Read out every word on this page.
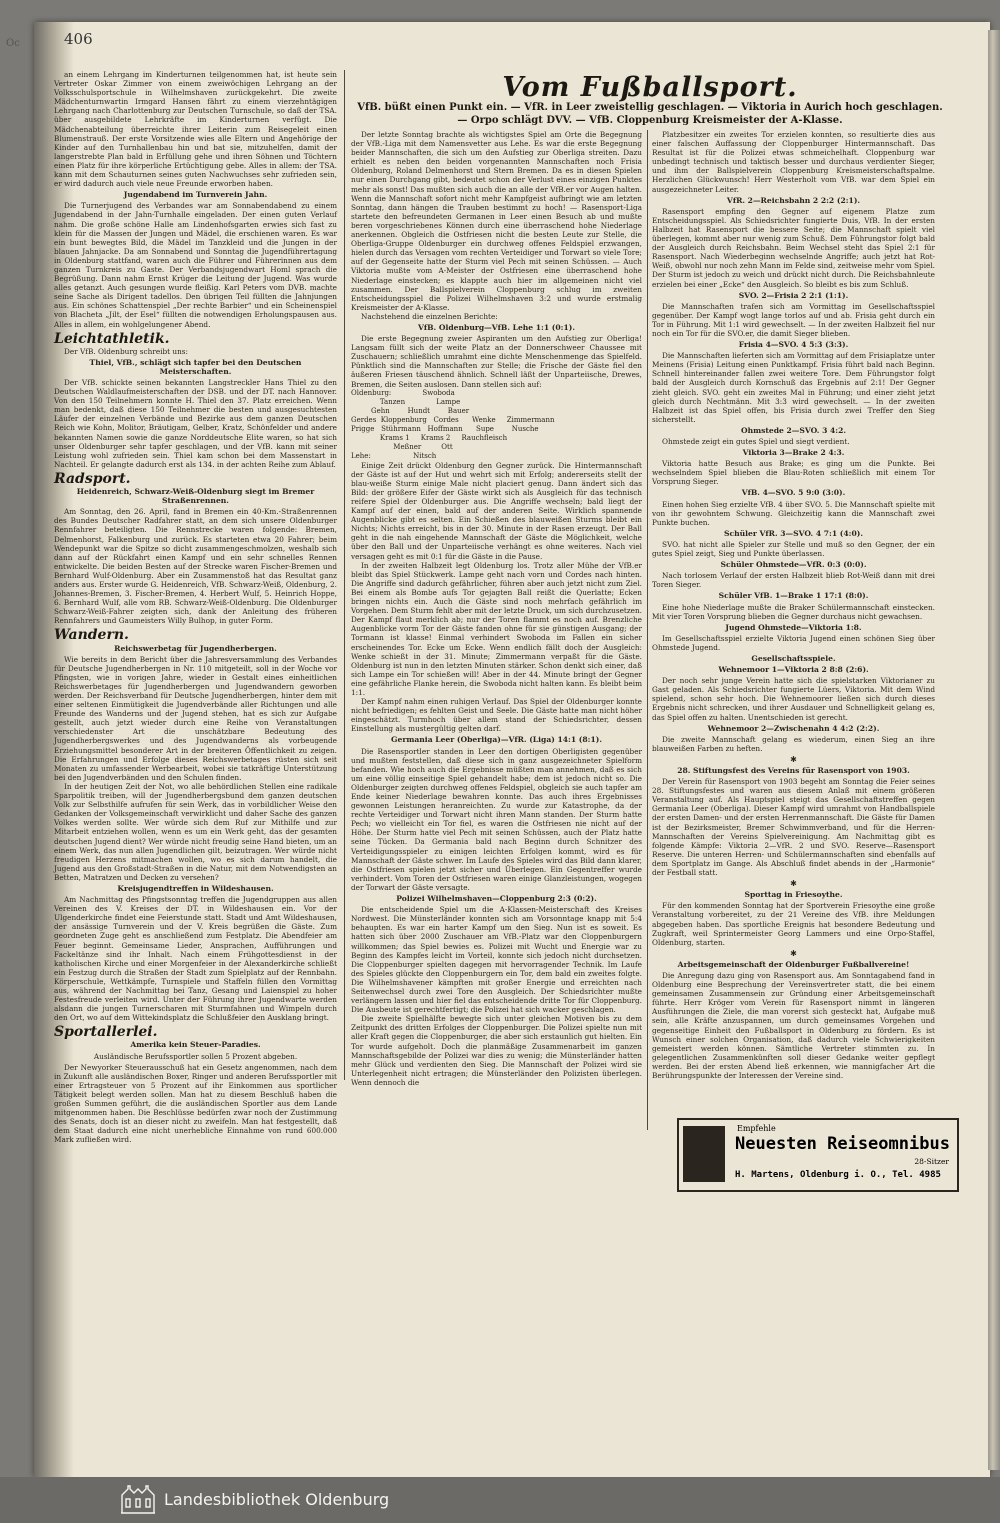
Oc	406
Vom Fußballsport.
VfB. büßt einen Punkt ein. — VfR. in Leer zweistellig geschlagen. — Viktoria in Aurich hoch geschlagen. — Orpo schlägt DVV. — VfB. Cloppenburg Kreismeister der A-Klasse.
an einem Lehrgang im Kinderturnen teilgenommen hat, ist heute sein Vertreter Oskar Zimmer von einem zweiwöchigen Lehrgang an der Volksschulsportschule in Wilhelmshaven zurückgekehrt. Die zweite Mädchenturnwartin Irmgard Hansen fährt zu einem vierzehntägigen Lehrgang nach Charlottenburg zur Deutschen Turnschule, so daß der TSA. über ausgebildete Lehrkräfte im Kinderturnen verfügt. Die Mädchenabteilung überreichte ihrer Leiterin zum Reisegeleit einen Blumenstrauß. Der erste Vorsitzende wies alle Eltern und Angehörige der Kinder auf den Turnhallenbau hin und bat sie, mitzuhelfen, damit der langerstrebte Plan bald in Erfüllung gehe und ihren Söhnen und Töchtern einen Platz für ihre körperliche Ertüchtigung gebe. Alles in allem: der TSA. kann mit dem Schauturnen seines guten Nachwuchses sehr zufrieden sein, er wird dadurch auch viele neue Freunde erworben haben.
Jugendabend im Turnverein Jahn.
Die Turnerjugend des Verbandes war am Sonnabendabend zu einem Jugendabend in der Jahn-Turnhalle eingeladen. Der einen guten Verlauf nahm. Die große schöne Halle am Lindenhofsgarten erwies sich fast zu klein für die Massen der Jungen und Mädel, die erschienen waren. Es war ein bunt bewegtes Bild, die Mädel im Tanzkleid und die Jungen in der blauen Jahnjacke. Da am Sonnabend und Sonntag die Jugendführertagung in Oldenburg stattfand, waren auch die Führer und Führerinnen aus dem ganzen Turnkreis zu Gaste. Der Verbandsjugendwart Homl sprach die Begrüßung. Dann nahm Ernst Krüger die Leitung der Jugend. Was wurde alles getanzt. Auch gesungen wurde fleißig. Karl Peters vom DVB. machte seine Sache als Dirigent tadellos. Den übrigen Teil füllten die Jahnjungen aus. Ein schönes Schattenspiel „Der rechte Barbier“ und ein Scheinenspiel von Blacheta „Jilt, der Esel“ füllten die notwendigen Erholungspausen aus. Alles in allem, ein wohlgelungener Abend.
Leichtathletik.
Der VfB. Oldenburg schreibt uns:
Thiel, VfB., schlägt sich tapfer bei den Deutschen Meisterschaften.
Der VfB. schickte seinen bekannten Langstreckler Hans Thiel zu den Deutschen Waldlaufmeisterschaften der DSB. und der DT. nach Hannover. Von den 150 Teilnehmern konnte H. Thiel den 37. Platz erreichen. Wenn man bedenkt, daß diese 150 Teilnehmer die besten und ausgesuchtesten Läufer der einzelnen Verbände und Bezirke aus dem ganzen Deutschen Reich wie Kohn, Molitor, Bräutigam, Gelber, Kratz, Schönfelder und andere bekannten Namen sowie die ganze Norddeutsche Elite waren, so hat sich unser Oldenburger sehr tapfer geschlagen, und der VfB. kann mit seiner Leistung wohl zufrieden sein. Thiel kam schon bei dem Massenstart in Nachteil. Er gelangte dadurch erst als 134. in der achten Reihe zum Ablauf.
Radsport.
Heidenreich, Schwarz-Weiß-Oldenburg siegt im Bremer Straßenrennen.
Am Sonntag, den 26. April, fand in Bremen ein 40-Km.-Straßenrennen des Bundes Deutscher Radfahrer statt, an dem sich unsere Oldenburger Rennfahrer beteiligten. Die Rennstrecke waren folgende: Bremen, Delmenhorst, Falkenburg und zurück. Es starteten etwa 20 Fahrer; beim Wendepunkt war die Spitze so dicht zusammengeschmolzen, weshalb sich dann auf der Rückfahrt einen Kampf und ein sehr schnelles Rennen entwickelte. Die beiden Besten auf der Strecke waren Fischer-Bremen und Bernhard Wulf-Oldenburg. Aber ein Zusammenstoß hat das Resultat ganz anders aus. Erster wurde G. Heidenreich, VfB. Schwarz-Weiß, Oldenburg, 2. Johannes-Bremen, 3. Fischer-Bremen, 4. Herbert Wulf, 5. Heinrich Hoppe, 6. Bernhard Wulf, alle vom RB. Schwarz-Weiß-Oldenburg. Die Oldenburger Schwarz-Weiß-Fahrer zeigten sich, dank der Anleitung des früheren Rennfahrers und Gaumeisters Willy Bulhop, in guter Form.
Wandern.
Reichswerbetag für Jugendherbergen.
Wie bereits in dem Bericht über die Jahresversammlung des Verbandes für Deutsche Jugendherbergen in Nr. 110 mitgeteilt, soll in der Woche vor Pfingsten, wie in vorigen Jahre, wieder in Gestalt eines einheitlichen Reichswerbetages für Jugendherbergen und Jugendwandern geworben werden. Der Reichsverband für Deutsche Jugendherbergen, hinter dem mit einer seltenen Einmütigkeit die Jugendverbände aller Richtungen und alle Freunde des Wanderns und der Jugend stehen, hat es sich zur Aufgabe gestellt, auch jetzt wieder durch eine Reihe von Veranstaltungen verschiedenster Art die unschätzbare Bedeutung des Jugendherbergswerkes und des Jugendwanderns als vorbeugende Erziehungsmittel besonderer Art in der breiteren Öffentlichkeit zu zeigen. Die Erfahrungen und Erfolge dieses Reichswerbetages rüsten sich seit Monaten zu umfassender Werbearbeit, wobei sie tatkräftige Unterstützung bei den Jugendverbänden und den Schulen finden.
In der heutigen Zeit der Not, wo alle behördlichen Stellen eine radikale Sparpolitik treiben, will der Jugendherbergsbund dem ganzen deutschen Volk zur Selbsthilfe aufrufen für sein Werk, das in vorbildlicher Weise den Gedanken der Volksgemeinschaft verwirklicht und daher Sache des ganzen Volkes werden sollte. Wer würde sich dem Ruf zur Mithilfe und zur Mitarbeit entziehen wollen, wenn es um ein Werk geht, das der gesamten deutschen Jugend dient? Wer würde nicht freudig seine Hand bieten, um an einem Werk, das nun allen Jugendlichen gilt, beizutragen. Wer würde nicht freudigen Herzens mitmachen wollen, wo es sich darum handelt, die Jugend aus den Großstadt-Straßen in die Natur, mit dem Notwendigsten an Betten, Matratzen und Decken zu versehen?
Kreisjugendtreffen in Wildeshausen.
Am Nachmittag des Pfingstsonntag treffen die Jugendgruppen aus allen Vereinen des V. Kreises der DT. in Wildeshausen ein. Vor der Ulgenderkirche findet eine Feierstunde statt. Stadt und Amt Wildeshausen, der ansässige Turnverein und der V. Kreis begrüßen die Gäste. Zum geordneten Zuge geht es anschließend zum Festplatz. Die Abendfeier am Feuer beginnt. Gemeinsame Lieder, Ansprachen, Aufführungen und Fackeltänze sind ihr Inhalt. Nach einem Frühgottesdienst in der katholischen Kirche und einer Morgenfeier in der Alexanderkirche schließt ein Festzug durch die Straßen der Stadt zum Spielplatz auf der Rennbahn. Körperschule, Wettkämpfe, Turnspiele und Staffeln füllen den Vormittag aus, während der Nachmittag bei Tanz, Gesang und Laienspiel zu hoher Festesfreude verleiten wird. Unter der Führung ihrer Jugendwarte werden alsdann die jungen Turnerscharen mit Sturmfahnen und Wimpeln durch den Ort, wo auf dem Wittekindsplatz die Schlußfeier den Ausklang bringt.
Sportallerlei.
Amerika kein Steuer-Paradies.
Ausländische Berufssportler sollen 5 Prozent abgeben.
Der Newyorker Steuerausschuß hat ein Gesetz angenommen, nach dem in Zukunft alle ausländischen Boxer, Ringer und anderen Berufssportler mit einer Ertragsteuer von 5 Prozent auf ihr Einkommen aus sportlicher Tätigkeit belegt werden sollen. Man hat zu diesem Beschluß haben die großen Summen geführt, die die ausländischen Sportler aus dem Lande mitgenommen haben. Die Beschlüsse bedürfen zwar noch der Zustimmung des Senats, doch ist an dieser nicht zu zweifeln. Man hat festgestellt, daß dem Staat dadurch eine nicht unerhebliche Einnahme von rund 600.000 Mark zufließen wird.
Der letzte Sonntag brachte als wichtigstes Spiel am Orte die Begegnung der VfB.-Liga mit dem Namensvetter aus Lehe. Es war die erste Begegnung beider Mannschaften, die sich um den Aufstieg zur Oberliga streiten. Dazu erhielt es neben den beiden vorgenannten Mannschaften noch Frisia Oldenburg, Roland Delmenhorst und Stern Bremen. Da es in diesen Spielen nur einen Durchgang gibt, bedeutet schon der Verlust eines einzigen Punktes mehr als sonst! Das mußten sich auch die an alle der VfB.er vor Augen halten. Wenn die Mannschaft sofort nicht mehr Kampfgeist aufbringt wie am letzten Sonntag, dann hängen die Trauben bestimmt zu hoch! — Rasensport-Liga startete den befreundeten Germanen in Leer einen Besuch ab und mußte beren vorgeschriebenes Können durch eine überraschend hohe Niederlage anerkennen. Obgleich die Ostfriesen nicht die besten Leute zur Stelle, die Oberliga-Gruppe Oldenburger ein durchweg offenes Feldspiel erzwangen, hielen durch das Versagen vom rechten Verteidiger und Torwart so viele Tore; auf der Gegenseite hatte der Sturm viel Pech mit seinen Schüssen. — Auch Viktoria mußte vom A-Meister der Ostfriesen eine überraschend hohe Niederlage einstecken; es klappte auch hier im allgemeinen nicht viel zusammen. Der Ballspielverein Cloppenburg schlug im zweiten Entscheidungsspiel die Polizei Wilhelmshaven 3:2 und wurde erstmalig Kreismeister der A-Klasse.
Nachstehend die einzelnen Berichte:
VfB. Oldenburg—VfB. Lehe 1:1 (0:1).
Die erste Begegnung zweier Aspiranten um den Aufstieg zur Oberliga! Langsam füllt sich der weite Platz an der Donnerschweer Chaussee mit Zuschauern; schließlich umrahmt eine dichte Menschenmenge das Spielfeld. Pünktlich sind die Mannschaften zur Stelle; die Frische der Gäste fiel den äußeren Friesen täuschend ähnlich. Schnell läßt der Unparteiische, Drewes, Bremen, die Seiten auslosen. Dann stellen sich auf:
Oldenburg:              Swoboda
Tanzen              Lampe
Gehn        Hundt        Bauer
Gerdes  Kloppenburg   Cordes      Wenke     Zimmermann
Prigge   Stührmann   Hoffmann      Supe        Nusche
Krams 1     Krams 2     Rauchfleisch
Meßner         Ott
Lehe:                   Nitsch
Einige Zeit drückt Oldenburg den Gegner zurück. Die Hintermannschaft der Gäste ist auf der Hut und wehrt sich mit Erfolg; andererseits stellt der blau-weiße Sturm einige Male nicht placiert genug. Dann ändert sich das Bild: der größere Eifer der Gäste wirkt sich als Ausgleich für das technisch reifere Spiel der Oldenburger aus. Die Angriffe wechseln; bald liegt der Kampf auf der einen, bald auf der anderen Seite. Wirklich spannende Augenblicke gibt es selten. Ein Schießen des blauweißen Sturms bleibt ein Nichts; Nichts erreicht, bis in der 30. Minute in der Rasen erzeugt. Der Ball geht in die nah eingehende Mannschaft der Gäste die Möglichkeit, welche über den Ball und der Unparteiische verhängt es ohne weiteres. Nach viel versagen geht es mit 0:1 für die Gäste in die Pause.
In der zweiten Halbzeit legt Oldenburg los. Trotz aller Mühe der VfB.er bleibt das Spiel Stückwerk. Lampe geht nach vorn und Cordes nach hinten. Die Angriffe sind dadurch gefährlicher, führen aber auch jetzt nicht zum Ziel. Bei einem als Bombe aufs Tor gejagten Ball reißt die Querlatte; Ecken bringen nichts ein. Auch die Gäste sind noch mehrfach gefährlich im Vorgehen. Dem Sturm fehlt aber mit der letzte Druck, um sich durchzusetzen. Der Kampf flaut merklich ab; nur der Toren flammt es noch auf. Brenzliche Augenblicke vorm Tor der Gäste fanden ohne für sie günstigen Ausgang; der Tormann ist klasse! Einmal verhindert Swoboda im Fallen ein sicher erscheinendes Tor. Ecke um Ecke. Wenn endlich fällt doch der Ausgleich: Wenke schießt in der 31. Minute; Zimmermann verpaßt für die Gäste. Oldenburg ist nun in den letzten Minuten stärker. Schon denkt sich einer, daß sich Lampe ein Tor schießen will! Aber in der 44. Minute bringt der Gegner eine gefährliche Flanke herein, die Swoboda nicht halten kann. Es bleibt beim 1:1.
Der Kampf nahm einen ruhigen Verlauf. Das Spiel der Oldenburger konnte nicht befriedigen; es fehlten Geist und Seele. Die Gäste hatte man nicht höher eingeschätzt. Turmhoch über allem stand der Schiedsrichter, dessen Einstellung als mustergültig gelten darf.
Germania Leer (Oberliga)—VfR. (Liga) 14:1 (8:1).
Die Rasensportler standen in Leer den dortigen Oberligisten gegenüber und mußten feststellen, daß diese sich in ganz ausgezeichneter Spielform befanden. Wie hoch auch die Ergebnisse müßten man annehmen, daß es sich um eine völlig einseitige Spiel gehandelt habe; dem ist jedoch nicht so. Die Oldenburger zeigten durchweg offenes Feldspiel, obgleich sie auch tapfer am Ende keiner Niederlage bewahren konnte. Das auch ihres Ergebnisses gewonnen Leistungen heranreichten. Zu wurde zur Katastrophe, da der rechte Verteidiger und Torwart nicht ihren Mann standen. Der Sturm hatte Pech; wo vielleicht ein Tor fiel, es waren die Ostfriesen nie nicht auf der Höhe. Der Sturm hatte viel Pech mit seinen Schüssen, auch der Platz hatte seine Tücken. Da Germania bald nach Beginn durch Schnitzer des Verteidigungsspieler zu einigen leichten Erfolgen kommt, wird es für Mannschaft der Gäste schwer. Im Laufe des Spieles wird das Bild dann klarer, die Ostfriesen spielen jetzt sicher und Überlegen. Ein Gegentreffer wurde verhindert. Vom Toren der Ostfriesen waren einige Glanzleistungen, wogegen der Torwart der Gäste versagte.
Polizei Wilhelmshaven—Cloppenburg 2:3 (0:2).
Die entscheidende Spiel um die A-Klassen-Meisterschaft des Kreises Nordwest. Die Münsterländer konnten sich am Vorsonntage knapp mit 5:4 behaupten. Es war ein harter Kampf um den Sieg. Nun ist es soweit. Es hatten sich über 2000 Zuschauer am VfB.-Platz war den Cloppenburgern willkommen; das Spiel bewies es. Polizei mit Wucht und Energie war zu Beginn des Kampfes leicht im Vorteil, konnte sich jedoch nicht durchsetzen. Die Cloppenburger spielten dagegen mit hervorragender Technik. Im Laufe des Spieles glückte den Cloppenburgern ein Tor, dem bald ein zweites folgte. Die Wilhelmshavener kämpften mit großer Energie und erreichten nach Seitenwechsel durch zwei Tore den Ausgleich. Der Schiedsrichter mußte verlängern lassen und hier fiel das entscheidende dritte Tor für Cloppenburg. Die Ausbeute ist gerechtfertigt; die Polizei hat sich wacker geschlagen.
Die zweite Spielhälfte bewegte sich unter gleichen Motiven bis zu dem Zeitpunkt des dritten Erfolges der Cloppenburger. Die Polizei spielte nun mit aller Kraft gegen die Cloppenburger, die aber sich erstaunlich gut hielten. Ein Tor wurde aufgeholt. Doch die planmäßige Zusammenarbeit im ganzen Mannschaftsgebilde der Polizei war dies zu wenig; die Münsterländer hatten mehr Glück und verdienten den Sieg. Die Mannschaft der Polizei wird sie Unterlegenheit nicht ertragen; die Münsterländer den Polizisten überlegen. Wenn dennoch die
Platzbesitzer ein zweites Tor erzielen konnten, so resultierte dies aus einer falschen Auffassung der Cloppenburger Hintermannschaft. Das Resultat ist für die Polizei etwas schmeichelhaft. Cloppenburg war unbedingt technisch und taktisch besser und durchaus verdienter Sieger, und ihm der Ballspielverein Cloppenburg Kreismeisterschaftspalme. Herzlichen Glückwunsch! Herr Westerholt vom VfB. war dem Spiel ein ausgezeichneter Leiter.
VfR. 2—Reichsbahn 2 2:2 (2:1).
Rasensport empfing den Gegner auf eigenem Platze zum Entscheidungsspiel. Als Schiedsrichter fungierte Duis, VfB. In der ersten Halbzeit hat Rasensport die bessere Seite; die Mannschaft spielt viel überlegen, kommt aber nur wenig zum Schuß. Dem Führungstor folgt bald der Ausgleich durch Reichsbahn. Beim Wechsel steht das Spiel 2:1 für Rasensport. Nach Wiederbeginn wechselnde Angriffe; auch jetzt hat Rot-Weiß, obwohl nur noch zehn Mann im Felde sind, zeitweise mehr vom Spiel. Der Sturm ist jedoch zu weich und drückt nicht durch. Die Reichsbahnleute erzielen bei einer „Ecke“ den Ausgleich. So bleibt es bis zum Schluß.
SVO. 2—Frisia 2 2:1 (1:1).
Die Mannschaften trafen sich am Vormittag im Gesellschaftsspiel gegenüber. Der Kampf wogt lange torlos auf und ab. Frisia geht durch ein Tor in Führung. Mit 1:1 wird gewechselt. — In der zweiten Halbzeit fiel nur noch ein Tor für die SVO.er, die damit Sieger blieben.
Frisia 4—SVO. 4 5:3 (3:3).
Die Mannschaften lieferten sich am Vormittag auf dem Frisiaplatze unter Meinens (Frisia) Leitung einen Punktkampf. Frisia führt bald nach Beginn. Schnell hintereinander fallen zwei weitere Tore. Dem Führungstor folgt bald der Ausgleich durch Kornschuß das Ergebnis auf 2:1! Der Gegner zieht gleich. SVO. geht ein zweites Mal in Führung; und einer zieht jetzt gleich durch Nechtmänn. Mit 3:3 wird gewechselt. — In der zweiten Halbzeit ist das Spiel offen, bis Frisia durch zwei Treffer den Sieg sicherstellt.
Ohmstede 2—SVO. 3 4:2.
Ohmstede zeigt ein gutes Spiel und siegt verdient.
Viktoria 3—Brake 2 4:3.
Viktoria hatte Besuch aus Brake; es ging um die Punkte. Bei wechselndem Spiel blieben die Blau-Roten schließlich mit einem Tor Vorsprung Sieger.
VfB. 4—SVO. 5 9:0 (3:0).
Einen hohen Sieg erzielte VfB. 4 über SVO. 5. Die Mannschaft spielte mit von ihr gewohntem Schwung. Gleichzeitig kann die Mannschaft zwei Punkte buchen.
Schüler VfR. 3—SVO. 4 7:1 (4:0).
SVO. hat nicht alle Spieler zur Stelle und muß so den Gegner, der ein gutes Spiel zeigt, Sieg und Punkte überlassen.
Schüler Ohmstede—VfR. 0:3 (0:0).
Nach torlosem Verlauf der ersten Halbzeit blieb Rot-Weiß dann mit drei Toren Sieger.
Schüler VfB. 1—Brake 1 17:1 (8:0).
Eine hohe Niederlage mußte die Braker Schülermannschaft einstecken. Mit vier Toren Vorsprung blieben die Gegner durchaus nicht gewachsen.
Jugend Ohmstede—Viktoria 1:8.
Im Gesellschaftsspiel erzielte Viktoria Jugend einen schönen Sieg über Ohmstede Jugend.
Gesellschaftsspiele.
Wehnemoor 1—Viktoria 2 8:8 (2:6).
Der noch sehr junge Verein hatte sich die spielstarken Viktorianer zu Gast geladen. Als Schiedsrichter fungierte Lüers, Viktoria. Mit dem Wind spielend, schon sehr hoch. Die Wehnemoorer ließen sich durch dieses Ergebnis nicht schrecken, und ihrer Ausdauer und Schnelligkeit gelang es, das Spiel offen zu halten. Unentschieden ist gerecht.
Wehnemoor 2—Zwischenahn 4 4:2 (2:2).
Die zweite Mannschaft gelang es wiederum, einen Sieg an ihre blauweißen Farben zu heften.
✱
28. Stiftungsfest des Vereins für Rasensport von 1903.
Der Verein für Rasensport von 1903 begeht am Sonntag die Feier seines 28. Stiftungsfestes und waren aus diesem Anlaß mit einem größeren Veranstaltung auf. Als Hauptspiel steigt das Gesellschaftstreffen gegen Germania Leer (Oberliga). Dieser Kampf wird umrahmt von Handballspiele der ersten Damen- und der ersten Herrenmannschaft. Die Gäste für Damen ist der Bezirksmeister, Bremer Schwimmverband, und für die Herren-Mannschaften der Vereins Spielvereinigung. Am Nachmittag gibt es folgende Kämpfe: Viktoria 2—VfR. 2 und SVO. Reserve—Rasensport Reserve. Die unteren Herren- und Schülermannschaften sind ebenfalls auf dem Sportplatz im Gange. Als Abschluß findet abends in der „Harmonie“ der Festball statt.
✱
Sporttag in Friesoythe.
Für den kommenden Sonntag hat der Sportverein Friesoythe eine große Veranstaltung vorbereitet, zu der 21 Vereine des VfB. ihre Meldungen abgegeben haben. Das sportliche Ereignis hat besondere Bedeutung und Zugkraft, weil Sprintermeister Georg Lammers und eine Orpo-Staffel, Oldenburg, starten.
✱
Arbeitsgemeinschaft der Oldenburger Fußballvereine!
Die Anregung dazu ging von Rasensport aus. Am Sonntagabend fand in Oldenburg eine Besprechung der Vereinsvertreter statt, die bei einem gemeinsamen Zusammensein zur Gründung einer Arbeitsgemeinschaft führte. Herr Kröger vom Verein für Rasensport nimmt in längeren Ausführungen die Ziele, die man vorerst sich gesteckt hat, Aufgabe muß sein, alle Kräfte anzuspannen, um durch gemeinsames Vorgehen und gegenseitige Einheit den Fußballsport in Oldenburg zu fördern. Es ist Wunsch einer solchen Organisation, daß dadurch viele Schwierigkeiten gemeistert werden können. Sämtliche Vertreter stimmten zu. In gelegentlichen Zusammenkünften soll dieser Gedanke weiter gepflegt werden. Bei der ersten Abend ließ erkennen, wie mannigfacher Art die Berührungspunkte der Interessen der Vereine sind.
Empfehle
Neuesten Reiseomnibus
28-Sitzer
H. Martens, Oldenburg i. O., Tel. 4985
Landesbibliothek Oldenburg
